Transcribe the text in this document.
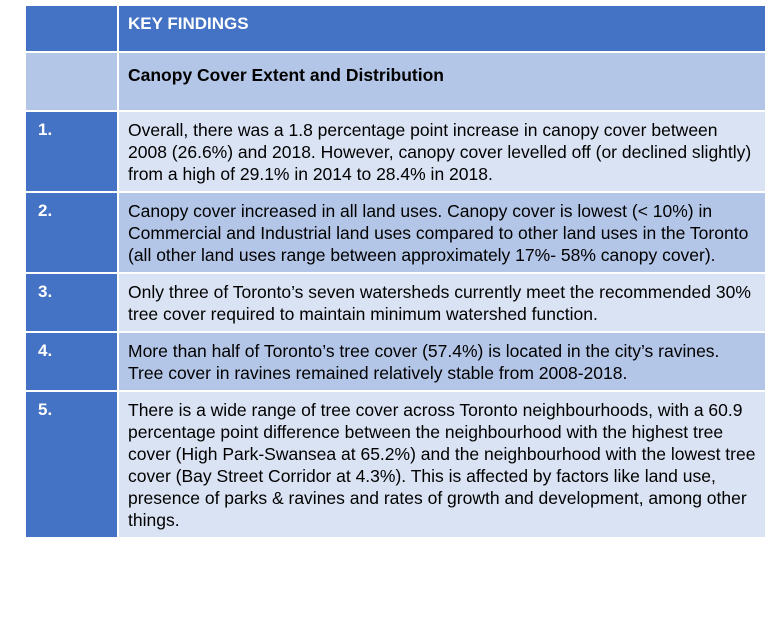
	KEY FINDINGS
	Canopy Cover Extent and Distribution
1.	Overall, there was a 1.8 percentage point increase in canopy cover between 2008 (26.6%) and 2018. However, canopy cover levelled off (or declined slightly) from a high of 29.1% in 2014 to 28.4% in 2018.
2.	Canopy cover increased in all land uses. Canopy cover is lowest (< 10%) in Commercial and Industrial land uses compared to other land uses in the Toronto (all other land uses range between approximately 17%- 58% canopy cover).
3.	Only three of Toronto’s seven watersheds currently meet the recommended 30% tree cover required to maintain minimum watershed function.
4.	More than half of Toronto’s tree cover (57.4%) is located in the city’s ravines. Tree cover in ravines remained relatively stable from 2008-2018.
5.	There is a wide range of tree cover across Toronto neighbourhoods, with a 60.9 percentage point difference between the neighbourhood with the highest tree cover (High Park-Swansea at 65.2%) and the neighbourhood with the lowest tree cover (Bay Street Corridor at 4.3%). This is affected by factors like land use, presence of parks & ravines and rates of growth and development, among other things.
